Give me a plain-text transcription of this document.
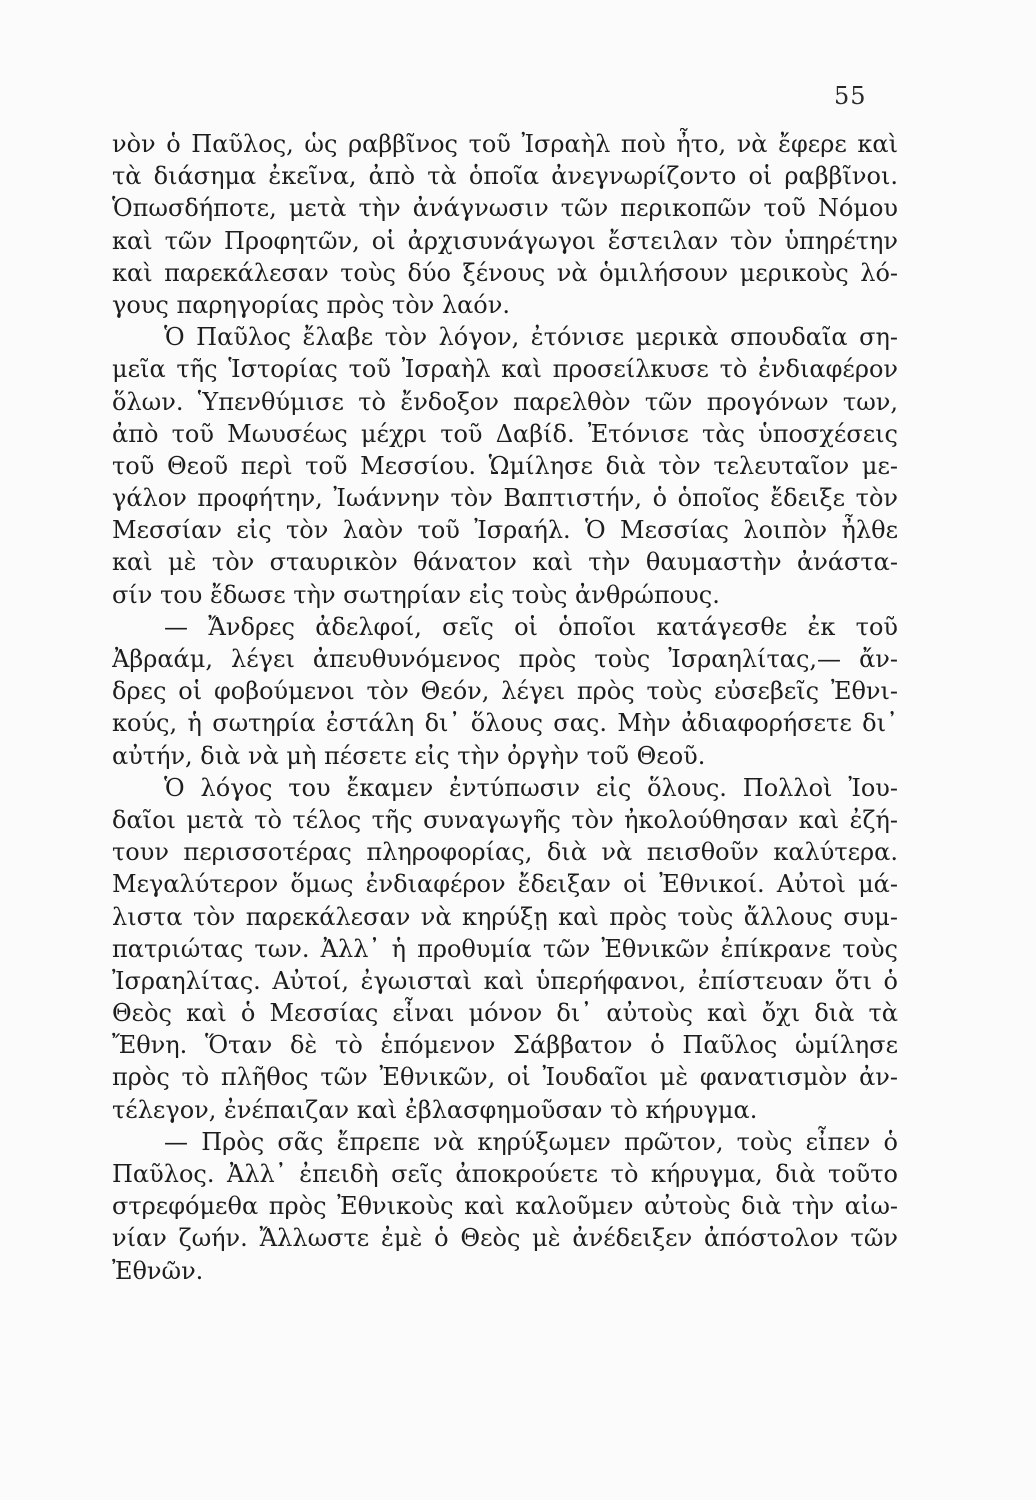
55
νὸν ὁ Παῦλος, ὡς ραββῖνος τοῦ Ἰσραὴλ ποὺ ἦτο, νὰ ἔφερε καὶ
τὰ διάσημα ἐκεῖνα, ἀπὸ τὰ ὁποῖα ἀνεγνωρίζοντο οἱ ραββῖνοι.
Ὁπωσδήποτε, μετὰ τὴν ἀνάγνωσιν τῶν περικοπῶν τοῦ Νόμου
καὶ τῶν Προφητῶν, οἱ ἀρχισυνάγωγοι ἔστειλαν τὸν ὑπηρέτην
καὶ παρεκάλεσαν τοὺς δύο ξένους νὰ ὁμιλήσουν μερικοὺς λό-
γους παρηγορίας πρὸς τὸν λαόν.
Ὁ Παῦλος ἔλαβε τὸν λόγον, ἐτόνισε μερικὰ σπουδαῖα ση-
μεῖα τῆς Ἱστορίας τοῦ Ἰσραὴλ καὶ προσείλκυσε τὸ ἐνδιαφέρον
ὅλων. Ὑπενθύμισε τὸ ἔνδοξον παρελθὸν τῶν προγόνων των,
ἀπὸ τοῦ Μωυσέως μέχρι τοῦ Δαβίδ. Ἐτόνισε τὰς ὑποσχέσεις
τοῦ Θεοῦ περὶ τοῦ Μεσσίου. Ὡμίλησε διὰ τὸν τελευταῖον με-
γάλον προφήτην, Ἰωάννην τὸν Βαπτιστήν, ὁ ὁποῖος ἔδειξε τὸν
Μεσσίαν εἰς τὸν λαὸν τοῦ Ἰσραήλ. Ὁ Μεσσίας λοιπὸν ἦλθε
καὶ μὲ τὸν σταυρικὸν θάνατον καὶ τὴν θαυμαστὴν ἀνάστα-
σίν του ἔδωσε τὴν σωτηρίαν εἰς τοὺς ἀνθρώπους.
— Ἄνδρες ἀδελφοί, σεῖς οἱ ὁποῖοι κατάγεσθε ἐκ τοῦ
Ἀβραάμ, λέγει ἀπευθυνόμενος πρὸς τοὺς Ἰσραηλίτας,— ἄν-
δρες οἱ φοβούμενοι τὸν Θεόν, λέγει πρὸς τοὺς εὐσεβεῖς Ἐθνι-
κούς, ἡ σωτηρία ἐστάλη δι᾽ ὅλους σας. Μὴν ἀδιαφορήσετε δι᾽
αὐτήν, διὰ νὰ μὴ πέσετε εἰς τὴν ὀργὴν τοῦ Θεοῦ.
Ὁ λόγος του ἔκαμεν ἐντύπωσιν εἰς ὅλους. Πολλοὶ Ἰου-
δαῖοι μετὰ τὸ τέλος τῆς συναγωγῆς τὸν ἠκολούθησαν καὶ ἐζή-
τουν περισσοτέρας πληροφορίας, διὰ νὰ πεισθοῦν καλύτερα.
Μεγαλύτερον ὅμως ἐνδιαφέρον ἔδειξαν οἱ Ἐθνικοί. Αὐτοὶ μά-
λιστα τὸν παρεκάλεσαν νὰ κηρύξῃ καὶ πρὸς τοὺς ἄλλους συμ-
πατριώτας των. Ἀλλ᾽ ἡ προθυμία τῶν Ἐθνικῶν ἐπίκρανε τοὺς
Ἰσραηλίτας. Αὐτοί, ἐγωισταὶ καὶ ὑπερήφανοι, ἐπίστευαν ὅτι ὁ
Θεὸς καὶ ὁ Μεσσίας εἶναι μόνον δι᾽ αὐτοὺς καὶ ὄχι διὰ τὰ
Ἔθνη. Ὅταν δὲ τὸ ἑπόμενον Σάββατον ὁ Παῦλος ὡμίλησε
πρὸς τὸ πλῆθος τῶν Ἐθνικῶν, οἱ Ἰουδαῖοι μὲ φανατισμὸν ἀν-
τέλεγον, ἐνέπαιζαν καὶ ἐβλασφημοῦσαν τὸ κήρυγμα.
— Πρὸς σᾶς ἔπρεπε νὰ κηρύξωμεν πρῶτον, τοὺς εἶπεν ὁ
Παῦλος. Ἀλλ᾽ ἐπειδὴ σεῖς ἀποκρούετε τὸ κήρυγμα, διὰ τοῦτο
στρεφόμεθα πρὸς Ἐθνικοὺς καὶ καλοῦμεν αὐτοὺς διὰ τὴν αἰω-
νίαν ζωήν. Ἄλλωστε ἐμὲ ὁ Θεὸς μὲ ἀνέδειξεν ἀπόστολον τῶν
Ἐθνῶν.
